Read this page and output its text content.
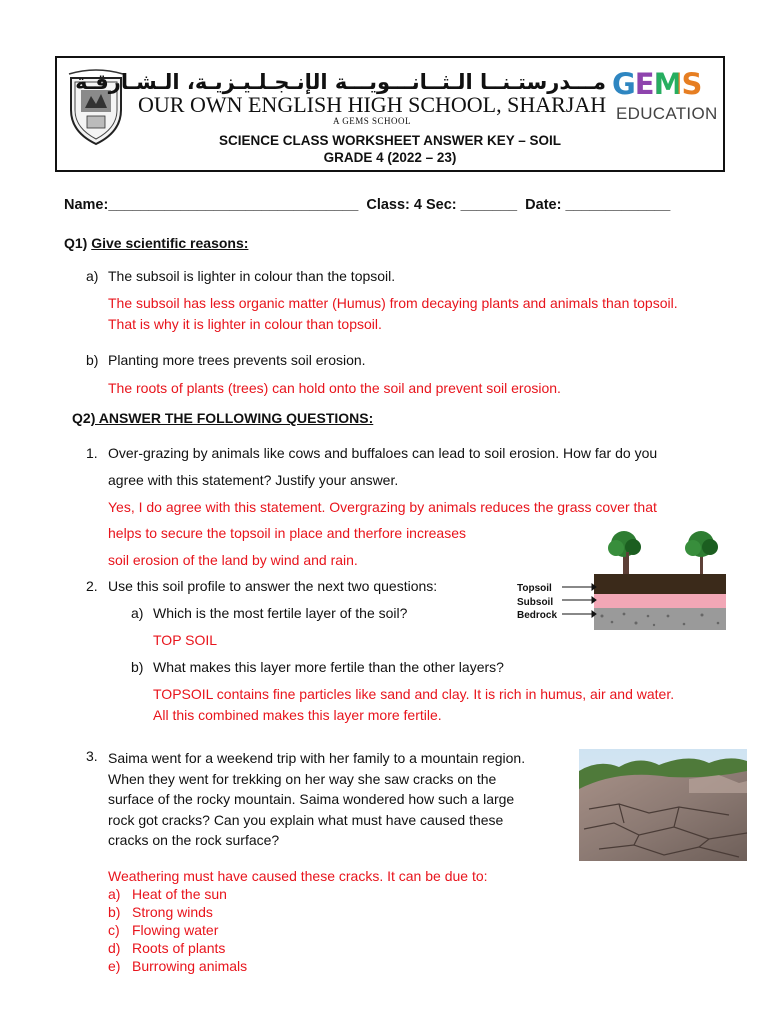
مـــدرستـنــا الـثــانـــويـــة الإنـجـلـيـزيـة، الـشـارقـة
OUR OWN ENGLISH HIGH SCHOOL, SHARJAH
A GEMS SCHOOL
GEMS
EDUCATION
SCIENCE CLASS WORKSHEET ANSWER KEY – SOIL
GRADE 4 (2022 – 23)
Name:_______________________________  Class: 4 Sec: _______  Date: _____________
Q1) Give scientific reasons:
a) The subsoil is lighter in colour than the topsoil.
The subsoil has less organic matter (Humus) from decaying plants and animals than topsoil.
That is why it is lighter in colour than topsoil.
b) Planting more trees prevents soil erosion.
The roots of plants (trees) can hold onto the soil and prevent soil erosion.
Q2) ANSWER THE FOLLOWING QUESTIONS:
1. Over-grazing by animals like cows and buffaloes can lead to soil erosion. How far do you
agree with this statement? Justify your answer.
Yes, I do agree with this statement. Overgrazing by animals reduces the grass cover that
helps to secure the topsoil in place and therfore increases
soil erosion of the land by wind and rain.
Topsoil
Subsoil
Bedrock
2. Use this soil profile to answer the next two questions:
a) Which is the most fertile layer of the soil?
TOP SOIL
b) What makes this layer more fertile than the other layers?
TOPSOIL contains fine particles like sand and clay. It is rich in humus, air and water.
All this combined makes this layer more fertile.
3. Saima went for a weekend trip with her family to a mountain region.
When they went for trekking on her way she saw cracks on the
surface of the rocky mountain. Saima wondered how such a large
rock got cracks? Can you explain what must have caused these
cracks on the rock surface?
Weathering must have caused these cracks. It can be due to:
a) Heat of the sun
b) Strong winds
c) Flowing water
d) Roots of plants
e) Burrowing animals
